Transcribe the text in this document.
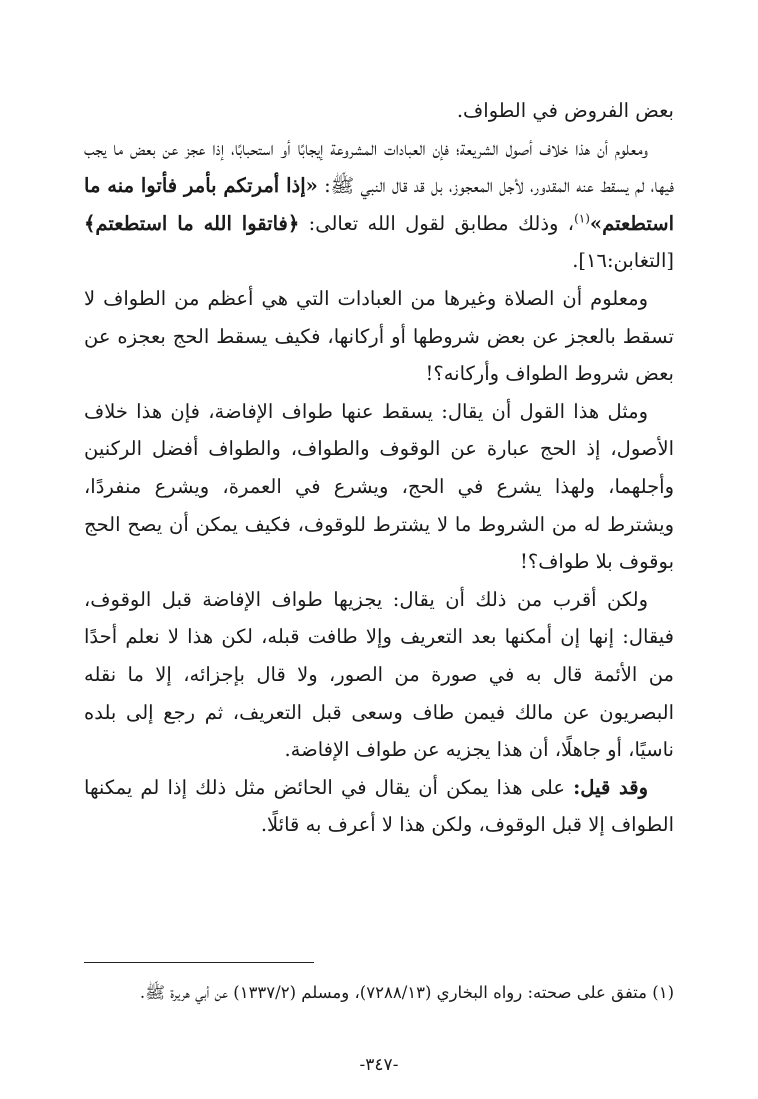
بعض الفروض في الطواف.

ومعلوم أن هذا خلاف أصول الشريعة؛ فإن العبادات المشروعة إيجابًا أو استحبابًا، إذا عجز عن بعض ما يجب فيها، لم يسقط عنه المقدور، لأجل المعجوز، بل قد قال النبي ﷺ: «إذا أمرتكم بأمر فأتوا منه ما استطعتم»$^{(١)}$، وذلك مطابق لقول الله تعالى: ﴿فاتقوا الله ما استطعتم﴾[التغابن:١٦].

ومعلوم أن الصلاة وغيرها من العبادات التي هي أعظم من الطواف لا تسقط بالعجز عن بعض شروطها أو أركانها، فكيف يسقط الحج بعجزه عن بعض شروط الطواف وأركانه؟!

ومثل هذا القول أن يقال: يسقط عنها طواف الإفاضة، فإن هذا خلاف الأصول، إذ الحج عبارة عن الوقوف والطواف، والطواف أفضل الركنين وأجلهما، ولهذا يشرع في الحج، ويشرع في العمرة، ويشرع منفردًا، ويشترط له من الشروط ما لا يشترط للوقوف، فكيف يمكن أن يصح الحج بوقوف بلا طواف؟!

ولكن أقرب من ذلك أن يقال: يجزيها طواف الإفاضة قبل الوقوف، فيقال: إنها إن أمكنها بعد التعريف وإلا طافت قبله، لكن هذا لا نعلم أحدًا من الأئمة قال به في صورة من الصور، ولا قال بإجزائه، إلا ما نقله البصريون عن مالك فيمن طاف وسعى قبل التعريف، ثم رجع إلى بلده ناسيًا، أو جاهلًا، أن هذا يجزيه عن طواف الإفاضة.

وقد قيل: على هذا يمكن أن يقال في الحائض مثل ذلك إذا لم يمكنها الطواف إلا قبل الوقوف، ولكن هذا لا أعرف به قائلًا.

(١) متفق على صحته: رواه البخاري (٧٢٨٨/١٣)، ومسلم (١٣٣٧/٢) عن أبي هريرة ﷺ.
-٣٤٧-
